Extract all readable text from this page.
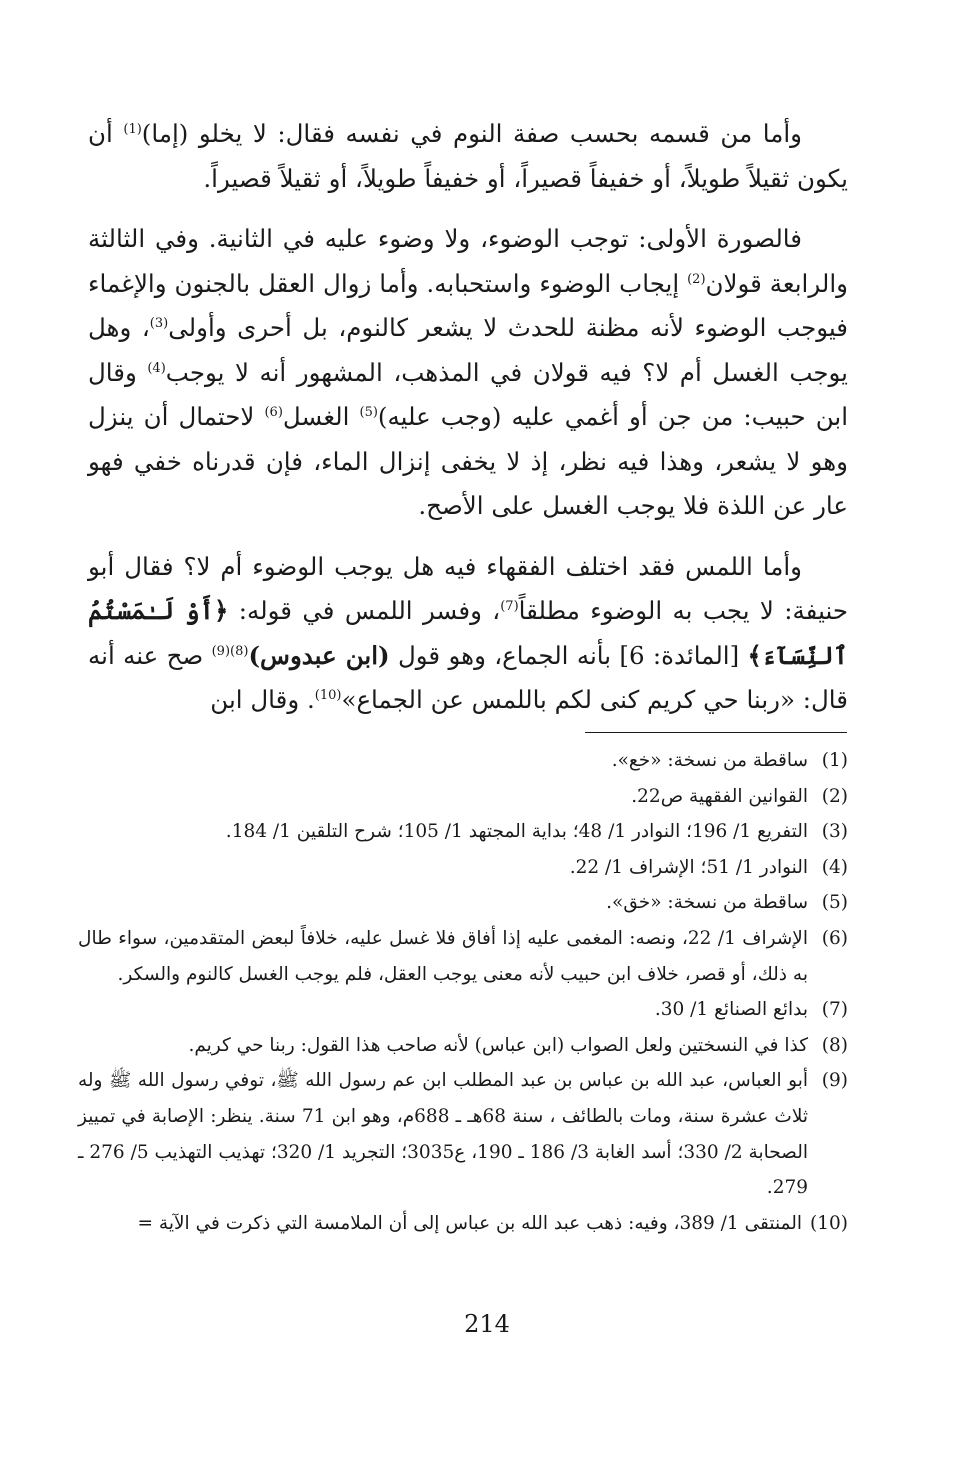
وأما من قسمه بحسب صفة النوم في نفسه فقال: لا يخلو (إما)$^{(1)}$ أن يكون ثقيلاً طويلاً، أو خفيفاً قصيراً، أو خفيفاً طويلاً، أو ثقيلاً قصيراً.
فالصورة الأولى: توجب الوضوء، ولا وضوء عليه في الثانية. وفي الثالثة والرابعة قولان$^{(2)}$ إيجاب الوضوء واستحبابه. وأما زوال العقل بالجنون والإغماء فيوجب الوضوء لأنه مظنة للحدث لا يشعر كالنوم، بل أحرى وأولى$^{(3)}$، وهل يوجب الغسل أم لا؟ فيه قولان في المذهب، المشهور أنه لا يوجب$^{(4)}$ وقال ابن حبيب: من جن أو أغمي عليه (وجب عليه)$^{(5)}$ الغسل$^{(6)}$ لاحتمال أن ينزل وهو لا يشعر، وهذا فيه نظر، إذ لا يخفى إنزال الماء، فإن قدرناه خفي فهو عار عن اللذة فلا يوجب الغسل على الأصح.
وأما اللمس فقد اختلف الفقهاء فيه هل يوجب الوضوء أم لا؟ فقال أبو حنيفة: لا يجب به الوضوء مطلقاً$^{(7)}$، وفسر اللمس في قوله: ﴿أَوْ لَـٰمَسْتُمُ ٱلنِّسَآءَ﴾ [المائدة: 6] بأنه الجماع، وهو قول (ابن عبدوس)$^{(8)(9)}$ صح عنه أنه قال: «ربنا حي كريم كنى لكم باللمس عن الجماع»$^{(10)}$. وقال ابن
(1)
ساقطة من نسخة: «خع».
(2)
القوانين الفقهية ص22.
(3)
التفريع 1/ 196؛ النوادر 1/ 48؛ بداية المجتهد 1/ 105؛ شرح التلقين 1/ 184.
(4)
النوادر 1/ 51؛ الإشراف 1/ 22.
(5)
ساقطة من نسخة: «خق».
(6)
الإشراف 1/ 22، ونصه: المغمى عليه إذا أفاق فلا غسل عليه، خلافاً لبعض المتقدمين، سواء طال به ذلك، أو قصر، خلاف ابن حبيب لأنه معنى يوجب العقل، فلم يوجب الغسل كالنوم والسكر.
(7)
بدائع الصنائع 1/ 30.
(8)
كذا في النسختين ولعل الصواب (ابن عباس) لأنه صاحب هذا القول: ربنا حي كريم.
(9)
أبو العباس، عبد الله بن عباس بن عبد المطلب ابن عم رسول الله ﷺ، توفي رسول الله ﷺ وله ثلاث عشرة سنة، ومات بالطائف ، سنة 68هـ ـ 688م، وهو ابن 71 سنة. ينظر: الإصابة في تمييز الصحابة 2/ 330؛ أسد الغابة 3/ 186 ـ 190، ع3035؛ التجريد 1/ 320؛ تهذيب التهذيب 5/ 276 ـ 279.
(10)
المنتقى 1/ 389، وفيه: ذهب عبد الله بن عباس إلى أن الملامسة التي ذكرت في الآية =
214
